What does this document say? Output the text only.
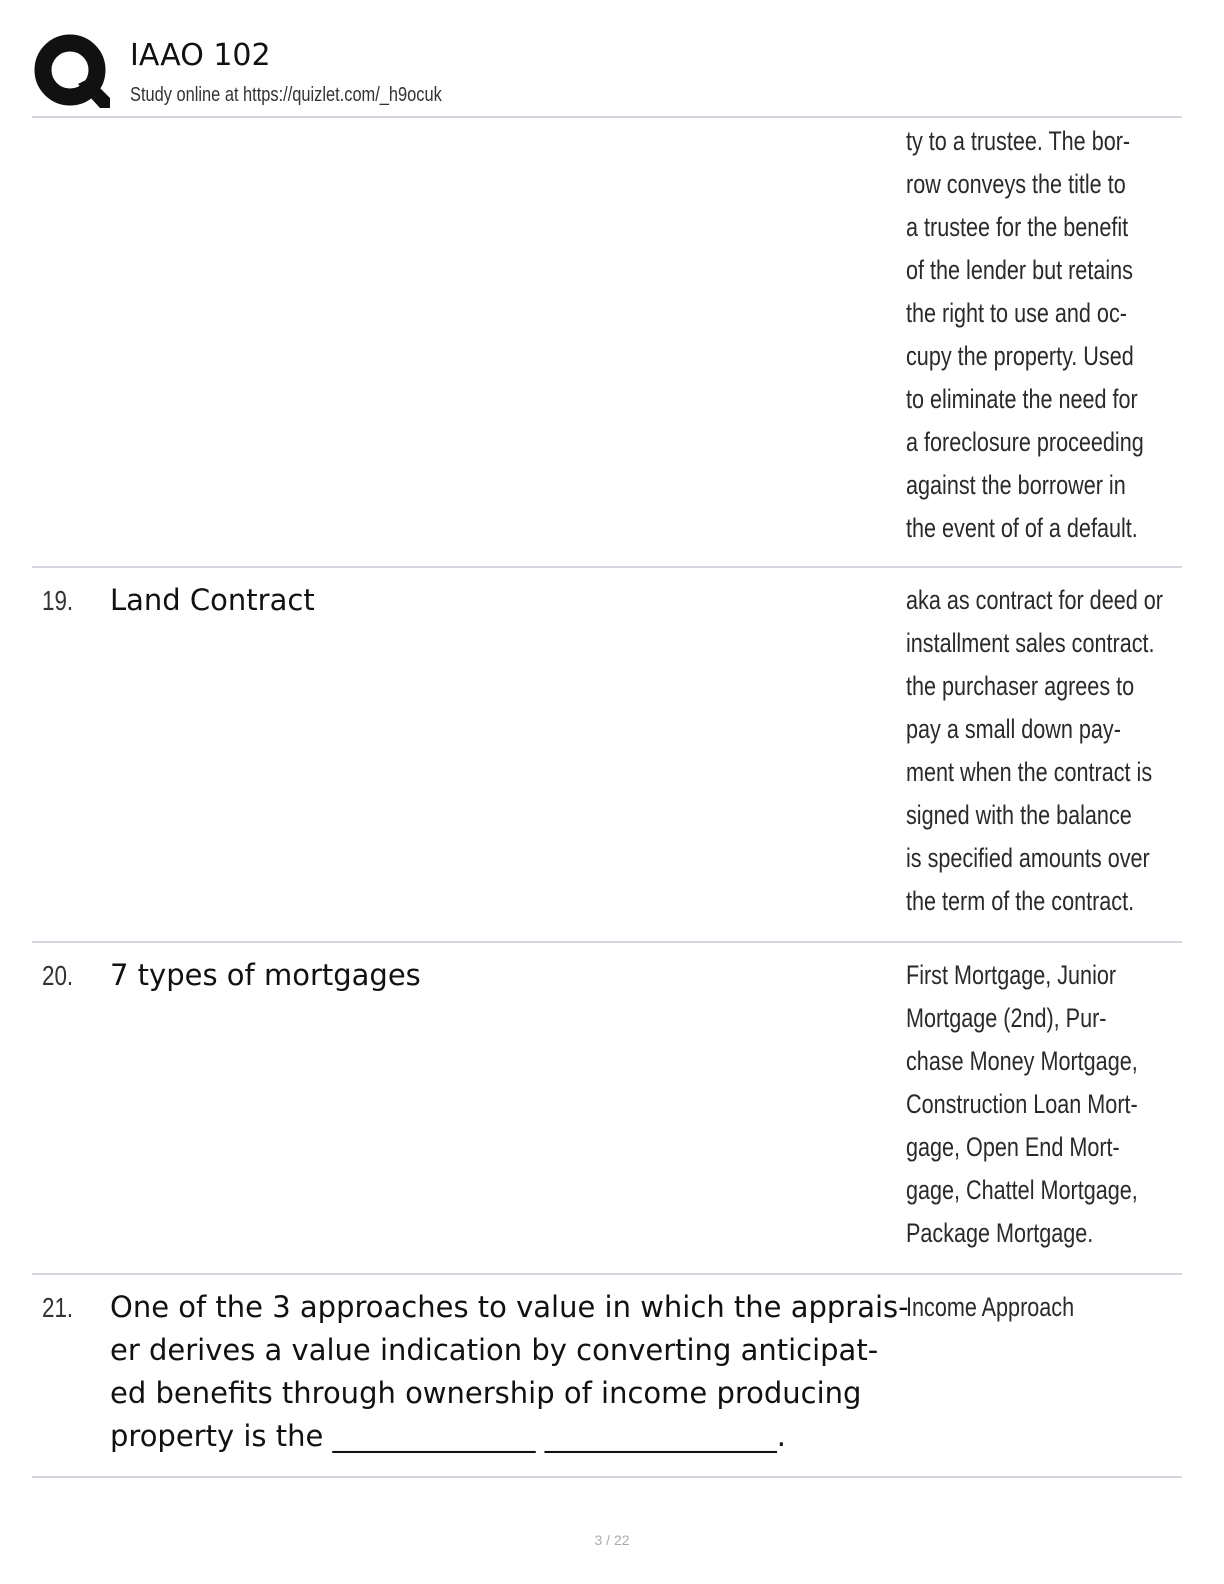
IAAO 102
Study online at https://quizlet.com/_h9ocuk
ty to a trustee. The bor-
row conveys the title to
a trustee for the benefit
of the lender but retains
the right to use and oc-
cupy the property. Used
to eliminate the need for
a foreclosure proceeding
against the borrower in
the event of of a default.
19. Land Contract	aka as contract for deed or
installment sales contract.
the purchaser agrees to
pay a small down pay-
ment when the contract is
signed with the balance
is specified amounts over
the term of the contract.
20. 7 types of mortgages	First Mortgage, Junior
Mortgage (2nd), Pur-
chase Money Mortgage,
Construction Loan Mort-
gage, Open End Mort-
gage, Chattel Mortgage,
Package Mortgage.
21. One of the 3 approaches to value in which the apprais-
er derives a value indication by converting anticipat-
ed benefits through ownership of income producing
property is the ______________ ________________.
Income Approach
3 / 22
